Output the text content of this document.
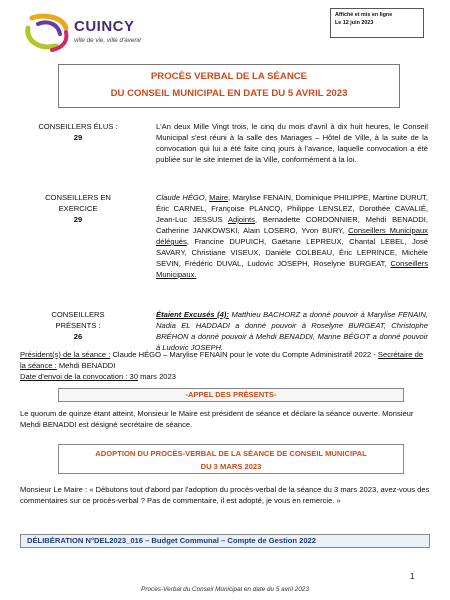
CUINCY
ville de vie, ville d'avenir
Affiché et mis en ligne
Le 12 juin 2023
PROCÈS VERBAL DE LA SÉANCE
DU CONSEIL MUNICIPAL EN DATE DU 5 AVRIL 2023
CONSEILLERS ÉLUS :
29
L'An deux Mille Vingt trois, le cinq du mois d'avril à dix huit heures, le Conseil Municipal s'est réuni à la salle des Mariages – Hôtel de Ville, à la suite de la convocation qui lui a été faite cinq jours à l'avance, laquelle convocation a été publiée sur le site internet de la Ville, conformément à la loi.
CONSEILLERS EN
EXERCICE
29
Claude HÉGO, Maire, Marylise FENAIN, Dominique PHILIPPE, Martine DURUT, Éric CARNEL, Françoise PLANCQ, Philippe LENSLEZ, Dorothée CAVALIÉ, Jean-Luc JESSUS Adjoints, Bernadette CORDONNIER, Mehdi BENADDI, Catherine JANKOWSKI, Alain LOSERO, Yvon BURY, Conseillers Municipaux délégués, Francine DUPUICH, Gaëtane LEPREUX, Chantal LEBEL, José SAVARY, Christiane VISEUX, Danièle COLBEAU, Éric LEPRINCE, Michèle SEVIN, Frédéric DUVAL, Ludovic JOSEPH, Roselyne BURGEAT, Conseillers Municipaux.
CONSEILLERS
PRÉSENTS :
26
Étaient Excusés (4): Matthieu BACHORZ a donné pouvoir à Marylise FENAIN, Nadia EL HADDADI a donné pouvoir à Roselyne BURGEAT, Christophe BRÉHON a donné pouvoir à Mehdi BENADDI, Marine BÉGOT a donné pouvoir à Ludovic JOSEPH.
Président(s) de la séance : Claude HÉGO – Marylise FENAIN pour le vote du Compte Administratif 2022 - Secrétaire de la séance : Mehdi BENADDI
Date d'envoi de la convocation : 30 mars 2023
-APPEL DES PRÉSENTS-
Le quorum de quinze étant atteint, Monsieur le Maire est président de séance et déclare la séance ouverte. Monsieur Mehdi BENADDI est désigné secrétaire de séance.
ADOPTION DU PROCÈS-VERBAL DE LA SÉANCE DE CONSEIL MUNICIPAL
DU 3 MARS 2023
Monsieur Le Maire : « Débutons tout d'abord par l'adoption du procès-verbal de la séance du 3 mars 2023, avez-vous des commentaires sur ce procès-verbal ? Pas de commentaire, il est adopté, je vous en remercie. »
DÉLIBÉRATION N°DEL2023_016 – Budget Communal – Compte de Gestion 2022
1
Procès-Verbal du Conseil Municipal en date du 5 avril 2023
